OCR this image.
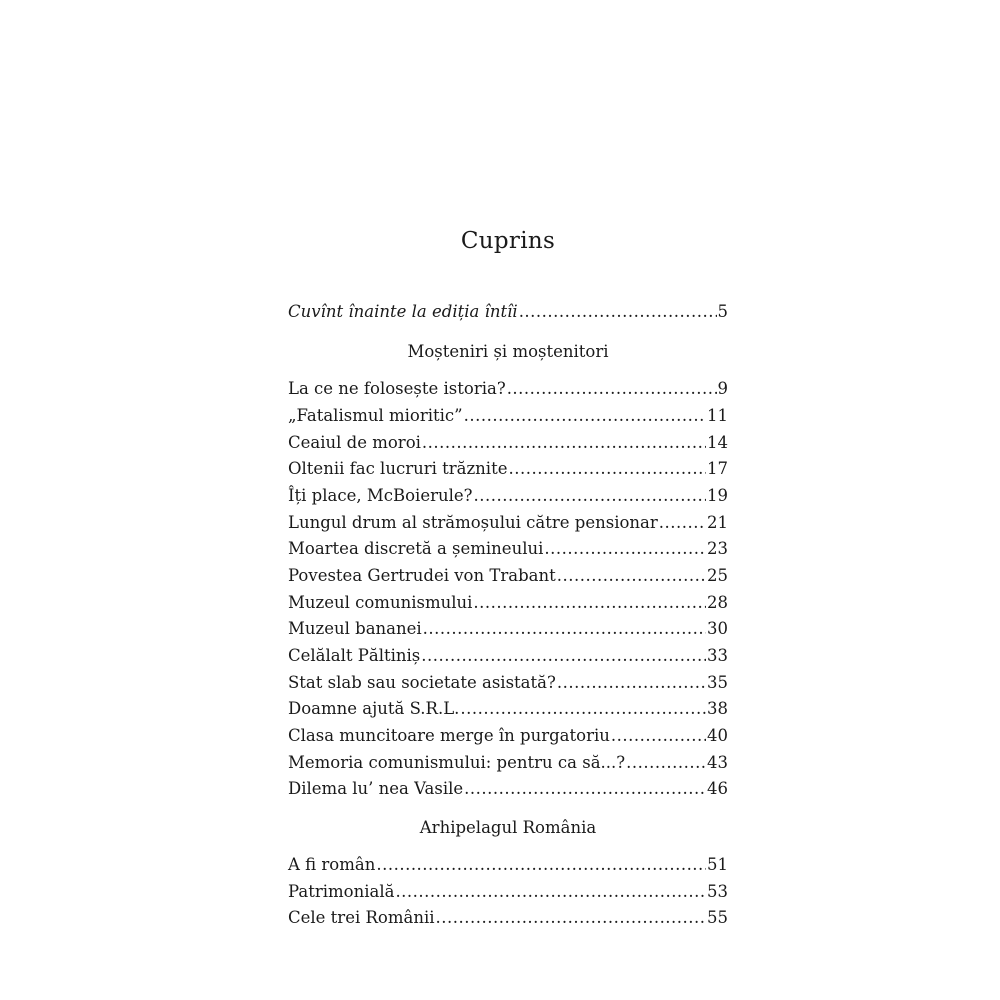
Cuprins
Cuvînt înainte la ediția întîi .....	5
Moșteniri și moștenitori
La ce ne folosește istoria? .....	9
„Fatalismul mioritic” .....	11
Ceaiul de moroi .....	14
Oltenii fac lucruri trăznite .....	17
Îți place, McBoierule? .....	19
Lungul drum al strămoșului către pensionar .....	21
Moartea discretă a șemineului .....	23
Povestea Gertrudei von Trabant .....	25
Muzeul comunismului .....	28
Muzeul bananei .....	30
Celălalt Păltiniș .....	33
Stat slab sau societate asistată? .....	35
Doamne ajută S.R.L. .....	38
Clasa muncitoare merge în purgatoriu .....	40
Memoria comunismului: pentru ca să...? .....	43
Dilema lu’ nea Vasile .....	46
Arhipelagul România
A fi român .....	51
Patrimonială .....	53
Cele trei Românii .....	55
